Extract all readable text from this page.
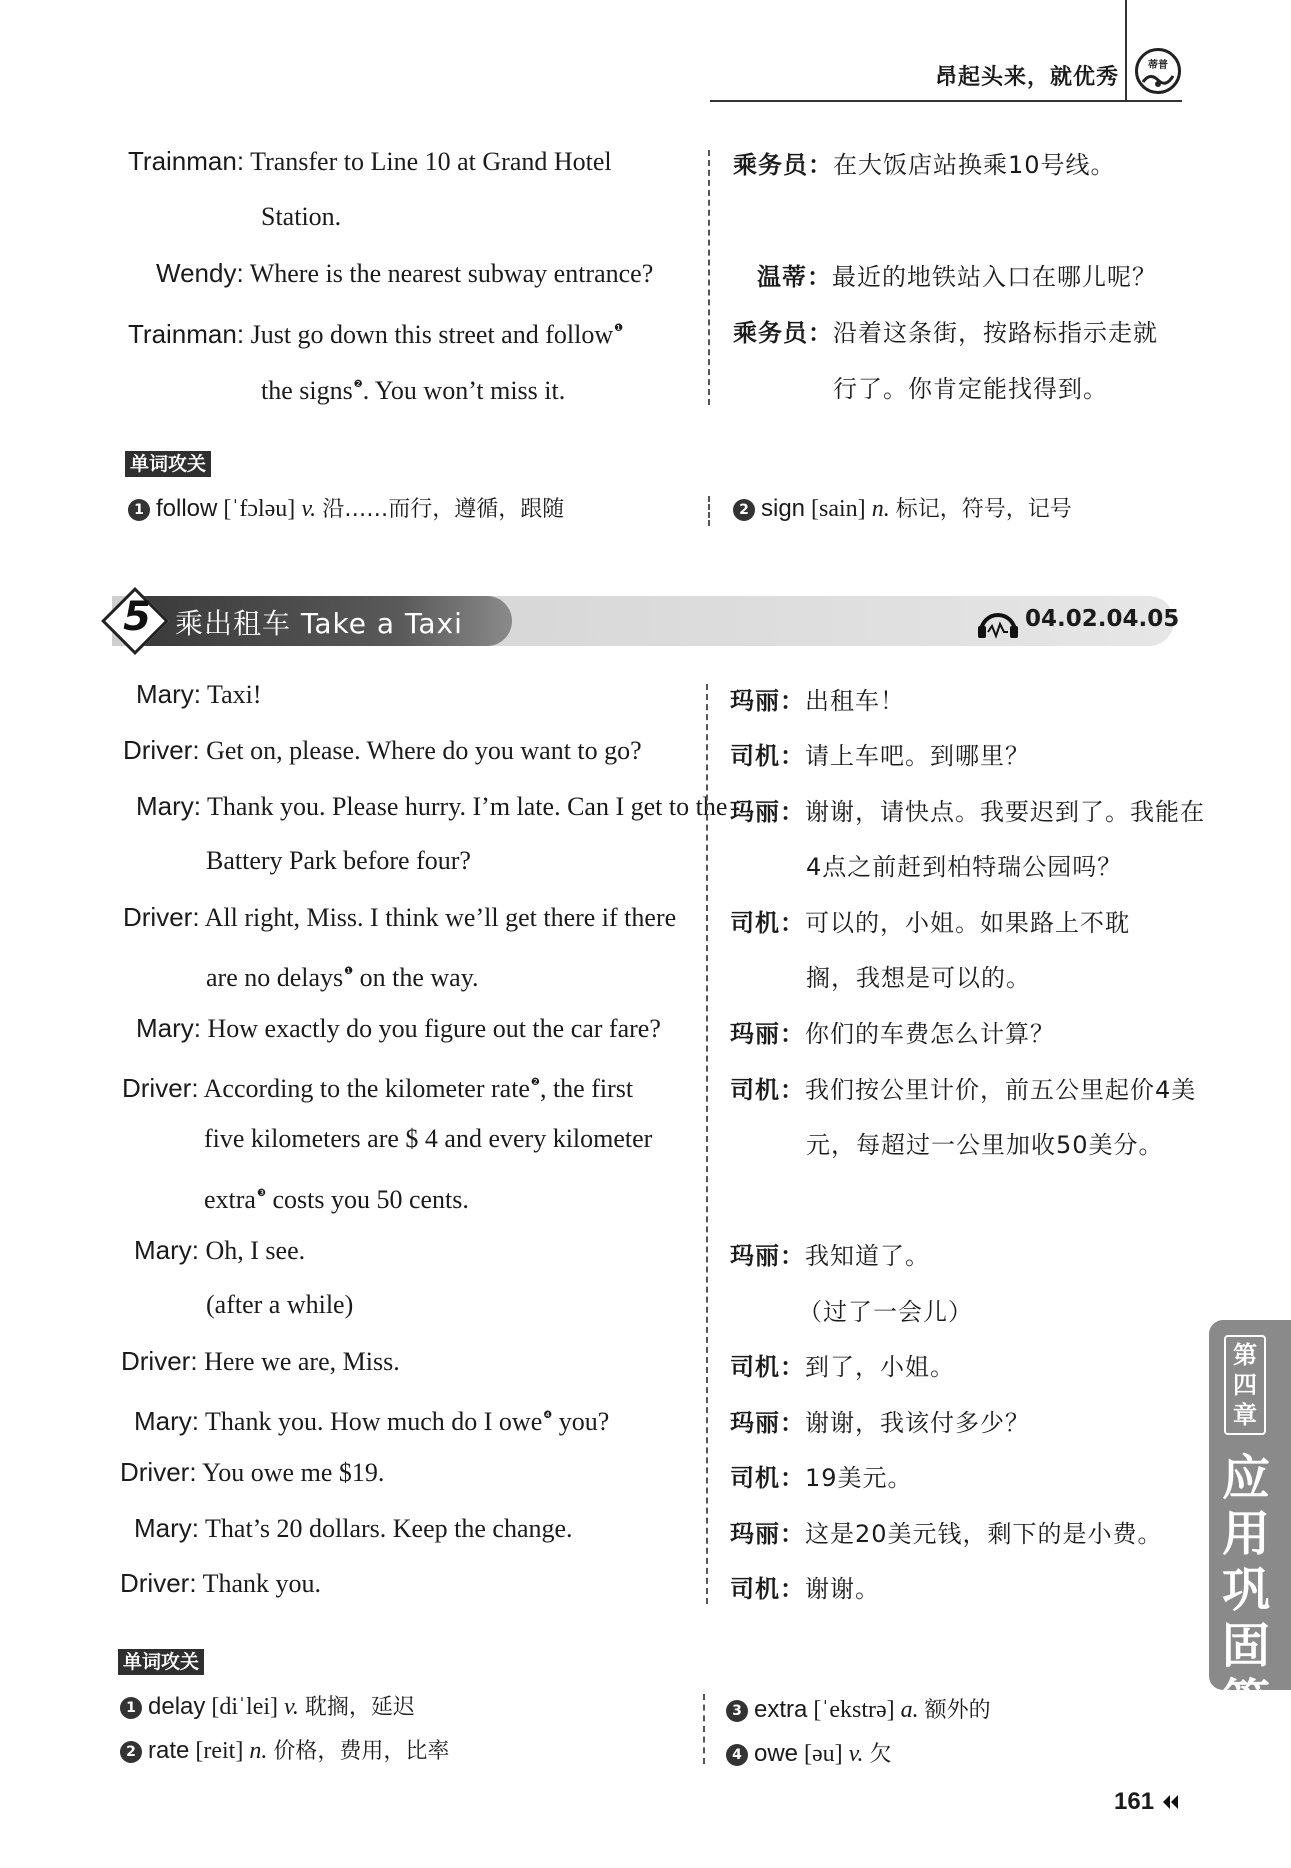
昂起头来，就优秀	蒂普
Trainman: Transfer to Line 10 at Grand Hotel
Station.
Wendy: Where is the nearest subway entrance?
Trainman: Just go down this street and follow$^❶$
the signs$^❷$. You won’t miss it.
乘务员：在大饭店站换乘10号线。
温蒂：最近的地铁站入口在哪儿呢？
乘务员：沿着这条街，按路标指示走就
行了。你肯定能找得到。
单词攻关
1 follow [ˈfɔləu] v. 沿……而行，遵循，跟随	2 sign [sain] n. 标记，符号，记号
5 乘出租车 Take a Taxi	04.02.04.05
Mary: Taxi!
Driver: Get on, please. Where do you want to go?
Mary: Thank you. Please hurry. I’m late. Can I get to the
Battery Park before four?
Driver: All right, Miss. I think we’ll get there if there
are no delays$^❶$ on the way.
Mary: How exactly do you figure out the car fare?
Driver: According to the kilometer rate$^❷$, the first
five kilometers are $ 4 and every kilometer
extra$^❸$ costs you 50 cents.
Mary: Oh, I see.
(after a while)
Driver: Here we are, Miss.
Mary: Thank you. How much do I owe$^❹$ you?
Driver: You owe me $19.
Mary: That’s 20 dollars. Keep the change.
Driver: Thank you.
玛丽：出租车！
司机：请上车吧。到哪里？
玛丽：谢谢，请快点。我要迟到了。我能在
4点之前赶到柏特瑞公园吗？
司机：可以的，小姐。如果路上不耽
搁，我想是可以的。
玛丽：你们的车费怎么计算？
司机：我们按公里计价，前五公里起价4美
元，每超过一公里加收50美分。
玛丽：我知道了。
（过了一会儿）
司机：到了，小姐。
玛丽：谢谢，我该付多少？
司机：19美元。
玛丽：这是20美元钱，剩下的是小费。
司机：谢谢。
单词攻关
1 delay [diˈlei] v. 耽搁，延迟
2 rate [reit] n. 价格，费用，比率
3 extra [ˈekstrə] a. 额外的
4 owe [əu] v. 欠
第
四
章
应
用
巩
固
篇
161
